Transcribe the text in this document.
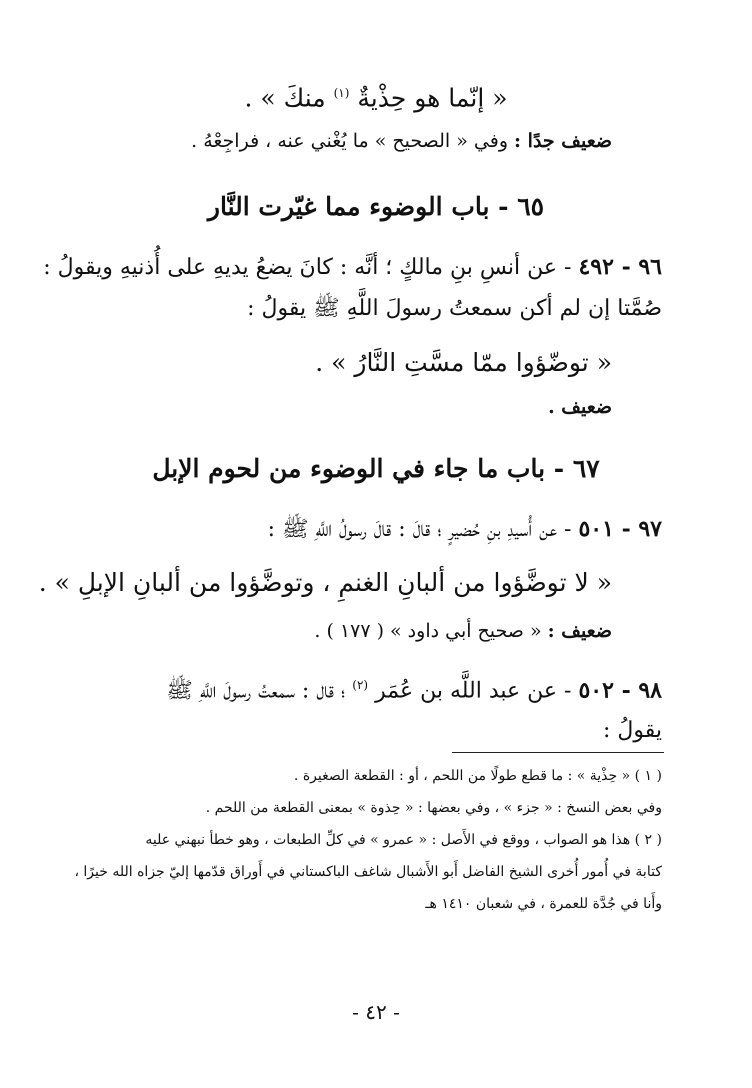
« إنّما هو حِذْيةٌ $^{(١)}$ منكَ » .

ضعيف جدًا : وفي « الصحيح » ما يُغْني عنه ، فراجِعْهُ .

٦٥ - باب الوضوء مما غيّرت النَّار

٩٦ - ٤٩٢ - عن أنسِ بنِ مالكٍ ؛ أنَّه : كانَ يضعُ يديهِ على أُذنيهِ ويقولُ :

صُمَّتا إن لم أكن سمعتُ رسولَ اللَّهِ ﷺ يقولُ :

« توضّؤوا ممّا مسَّتِ النَّارُ » .

ضعيف .

٦٧ - باب ما جاء في الوضوء من لحوم الإبل

٩٧ - ٥٠١ - عن أُسيدِ بنِ حُضيرٍ ؛ قالَ : قالَ رسولُ اللَّهِ ﷺ :

« لا توضَّؤوا من ألبانِ الغنمِ ، وتوضَّؤوا من ألبانِ الإبلِ » .

ضعيف : « صحيح أبي داود » ( ١٧٧ ) .

٩٨ - ٥٠٢ - عن عبد اللَّه بن عُمَر $^{(٢)}$ ؛ قال : سمعتُ رسولَ اللَّهِ ﷺ

يقولُ :

( ١ ) « حِذْية » : ما قطع طولًا من اللحم ، أو : القطعة الصغيرة .

وفي بعض النسخ : « جزء » ، وفي بعضها : « حِذوة » بمعنى القطعة من اللحم .

( ٢ ) هذا هو الصواب ، ووقع في الأَصل : « عمرو » في كلِّ الطبعات ، وهو خطأ نبهني عليه

كتابة في أُمور أُخرى الشيخ الفاضل أَبو الأَشبال شاغف الباكستاني في أَوراق قدّمها إليّ جزاه الله خيرًا ،

وأَنا في جُدَّة للعمرة ، في شعبان ١٤١٠ هـ

- ٤٢ -
